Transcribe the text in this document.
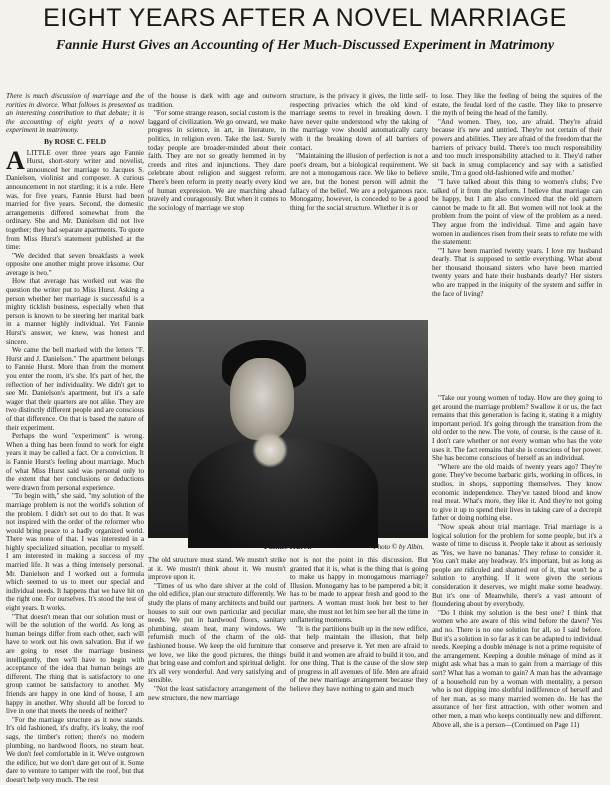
EIGHT YEARS AFTER A NOVEL MARRIAGE
Fannie Hurst Gives an Accounting of Her Much-Discussed Experiment in Matrimony

There is much discussion of marriage and the rorities in divorce. What follows is presented as an interesting contribution to that debate; it is the accounting of eight years of a novel experiment in matrimony.

By ROSE C. FELD

A LITTLE over three years ago Fannie Hurst, short-story writer and novelist, announced her marriage to Jacques S. Danielson, violinist and composer. A curious announcement in not startling; it is a rule. Here was, for five years, Fannie Hurst had been married for five years. Second, the domestic arrangements differed somewhat from the ordinary. She and Mr. Danielson did not live together; they had separate apartments. To quote from Miss Hurst's statement published at the time:

"We decided that seven breakfasts a week opposite one another might prove irksome. Our average is two."

How that average has worked out was the question the writer put to Miss Hurst. Asking a person whether her marriage is successful is a mighty ticklish business, especially when that person is known to be steering her marital bark in a manner highly individual. Yet Fannie Hurst's answer, we knew, was honest and sincere.

We came the bell marked with the letters "F. Hurst and J. Danielson." The apartment belongs to Fannie Hurst. More than from the moment you enter the room, it's she. It's part of her, the reflection of her individuality. We didn't get to see Mr. Danielson's apartment, but it's a safe wager that their quarters are not alike. They are two distinctly different people and are conscious of that difference. On that is based the nature of their experiment.

Perhaps the word "experiment" is wrong. When a thing has been found to work for eight years it may be called a fact. Or a conviction. It is Fannie Hurst's feeling about marriage. Much of what Miss Hurst said was personal only to the extent that her conclusions or deductions were drawn from personal experience.

"To begin with," she said, "my solution of the marriage problem is not the world's solution of the problem. I didn't set out to do that. It was not inspired with the order of the reformer who would bring peace to a badly organized world. There was none of that. I was interested in a highly specialized situation, peculiar to myself. I am interested in making a success of my married life. It was a thing intensely personal. Mr. Danielson and I worked out a formula which seemed to us to meet our special and individual needs. It happens that we have hit on the right one. For ourselves. It's stood the test of eight years. It works.

"That doesn't mean that our solution must or will be the solution of the world. As long as human beings differ from each other, each will have to work out his own salvation. But if we are going to reset the marriage business intelligently, then we'll have to begin with acceptance of the idea that human beings are different. The thing that is satisfactory to one group cannot be satisfactory to another. My friends are happy in one kind of house, I am happy in another. Why should all be forced to live in one that meets the needs of neither?

"For the marriage structure as it now stands. It's old fashioned, it's drafty, it's leaky, the roof sags, the timber's rotten; there's no modern plumbing, no hardwood floors, no steam heat. We don't feel comfortable in it. We've outgrown the edifice, but we don't dare get out of it. Some dare to venture to tamper with the roof, but that doesn't help very much. The rest

of the house is dark with age and outworn tradition.

"For some strange reason, social custom is the laggard of civilization. We go onward, we make progress in science, in art, in literature, in politics, in religion even. Take the last. Surely today people are broader-minded about their faith. They are not so greatly hemmed in by creeds and rites and injunctions. They dare celebrate about religion and suggest reform. There's been reform in pretty nearly every kind of human expression. We are marching ahead bravely and courageously. But when it comes to the sociology of marriage we stop

structure, is the privacy it gives, the little self-respecting privacies which the old kind of marriage seems to revel in breaking down. I have never quite understood why the taking of the marriage vow should automatically carry with it the breaking down of all barriers of contact.

"Maintaining the illusion of perfection is not a poet's dream, but a biological requirement. We are not a monogamous race. We like to believe we are, but the honest person will admit the fallacy of the belief. We are a polygamous race. Monogamy, however, is conceded to be a good thing for the social structure. Whether it is or

to lose. They like the feeling of being the squires of the estate, the feudal lord of the castle. They like to preserve the myth of being the head of the family.

"And women. They, too, are afraid. They're afraid because it's new and untried. They're not certain of their powers and abilities. They are afraid of the freedom that the barriers of privacy build. There's too much responsibility and too much irresponsibility attached to it. They'd rather sit back in smug complacency and say with a satisfied smile, 'I'm a good old-fashioned wife and mother.'

"I have talked about this thing to women's clubs; I've talked of it from the platform. I believe that marriage can be happy, but I am also convinced that the old pattern cannot be made to fit all. But women will not look at the problem from the point of view of the problem as a need. They argue from the individual. Time and again have women in audiences risen from their seats to refute me with the statement:

"'I have been married twenty years. I love my husband dearly. That is supposed to settle everything. What about her thousand thousand sisters who have been married twenty years and hate their husbands dearly? Her sisters who are trapped in the iniquity of the system and suffer in the face of living?

Fannie Hurst.	Photo © by Albin.

The old structure must stand. We mustn't strike at it. We mustn't think about it. We mustn't improve upon it.

"Times of us who dare shiver at the cold of the old edifice, plan our structure differently. We study the plans of many architects and build our houses to suit our own particular and peculiar needs. We put in hardwood floors, sanitary plumbing, steam heat, many windows. We refurnish much of the charm of the old-fashioned house. We keep the old furniture that we love, we like the good pictures, the things that bring ease and comfort and spiritual delight. It's all very wonderful. And very satisfying and sensible.

"Not the least satisfactory arrangement of the new structure, the new marriage

not is not the point in this discussion. But granted that it is, what is the thing that is going to make us happy in monogamous marriage? Illusion. Monogamy has to be pampered a bit; it has to be made to appear fresh and good to the partners. A woman must look her best to her mate, she must not let him see her all the time in unflattering moments.

"It is the partitions built up in the new edifice, that help maintain the illusion, that help conserve and preserve it. Yet men are afraid to build it and women are afraid to build it too, and for one thing. That is the cause of the slow step of progress in all avenues of life. Men are afraid of the new marriage arrangement because they believe they have nothing to gain and much

"Take our young women of today. How are they going to get around the marriage problem? Swallow it or us, the fact remains that this generation is facing it, stating it a mighty important period. It's going through the transition from the old order to the new. The vote, of course, is the cause of it. I don't care whether or not every woman who has the vote uses it. The fact remains that she is conscious of her power. She has become conscious of herself as an individual.

"Where are the old maids of twenty years ago? They're gone. They've become barbaric girls, working in offices, in studios, in shops, supporting themselves. They know economic independence. They've tasted blood and know real meat. What's more, they like it. And they're not going to give it up to spend their lives in taking care of a decrepit father or doing nothing else.

"Now speak about trial marriage. Trial marriage is a logical solution for the problem for some people, but it's a waste of time to discuss it. People take it about as seriously as 'Yes, we have no bananas.' They refuse to consider it. You can't make any headway. It's important, but as long as people are ridiculed and shamed out of it, that won't be a solution to anything. If it were given the serious consideration it deserves, we might make some headway. But it's one of Meanwhile, there's a vast amount of floundering about by everybody.

"Do I think my solution is the best one? I think that women who are aware of this wind before the dawn? Yes and no. There is no one solution for all, so I said before. But it's a solution in so far as it can be adapted to individual needs. Keeping a double ménage is not a prime requisite of the arrangement. Keeping a double ménage of mind as it might ask what has a man to gain from a marriage of this sort? What has a woman to gain? A man has the advantage of a household run by a woman with mentality, a person who is not dipping into slothful indifference of herself and of her man, as so many married women do. He has the assurance of her first attraction, with other women and other men, a man who keeps continually new and different. Above all, she is a person—(Continued on Page 11)
